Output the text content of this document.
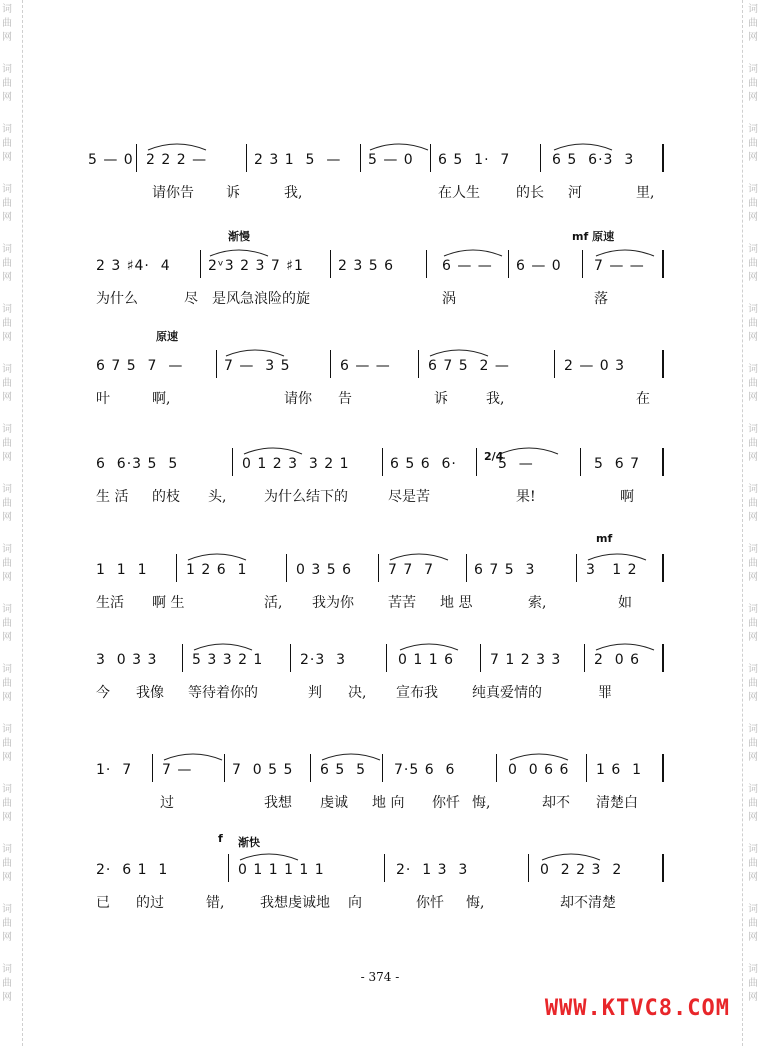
词
曲
网
词
曲
网
词
曲
网
词
曲
网
词
曲
网
词
曲
网
词
曲
网
词
曲
网
词
曲
网
词
曲
网
词
曲
网
词
曲
网
词
曲
网
词
曲
网
词
曲
网
词
曲
网
词
曲
网
词
曲
网
词
曲
网
词
曲
网
词
曲
网
词
曲
网
词
曲
网
词
曲
网
词
曲
网
词
曲
网
词
曲
网
词
曲
网
词
曲
网
词
曲
网
词
曲
网
词
曲
网
词
曲
网
词
曲
网
5 — 0 2 2 2 —	2 3 1  5  — 5 — 0 6 5  1·  7	6 5  6·3  3
请你告 诉	我,	在人生	的长 河	里,
2 3 ♯4·  4	2ᵛ3 2 3 7 ♯1 2 3 5 6	6 — — 6 — 0 7 — —
为什么	尽 是风急浪险的旋	涡	落
渐慢	mf 原速
6 7 5  7  —	7 —  3 5	6 — —	6 7 5  2 —	2 — 0 3
叶	啊,	请你 告	诉	我,	在
原速
6  6·3 5  5	0 1 2 3  3 2 1	6 5 6  6·	5  —	5  6 7
生 活 的枝 头,	为什么结下的	尽是苦	果!	啊
2/4
1  1  1	1 2 6  1	0 3 5 6	7 7  7	6 7 5  3	3   1 2
生活 啊 生	活, 我为你 苦苦 地 思	索,	如
mf
3  0 3 3 5 3 3 2 1	2·3  3	0 1 1 6	7 1 2 3 3 2  0 6
今 我像 等待着你的	判 决, 宣布我 纯真爱情的	罪
1·  7 7 —	7  0 5 5 6 5  5 7·5 6  6	0  0 6 6 1 6  1
过	我想 虔诚 地 向 你忏 悔,	却不 清楚白
2·  6 1  1	0 1 1 1 1 1	2·  1 3  3	0  2 2 3  2
已 的过	错,	我想虔诚地 向	你忏 悔,	却不清楚
f 渐快
- 374 -
WWW.KTVC8.COM
